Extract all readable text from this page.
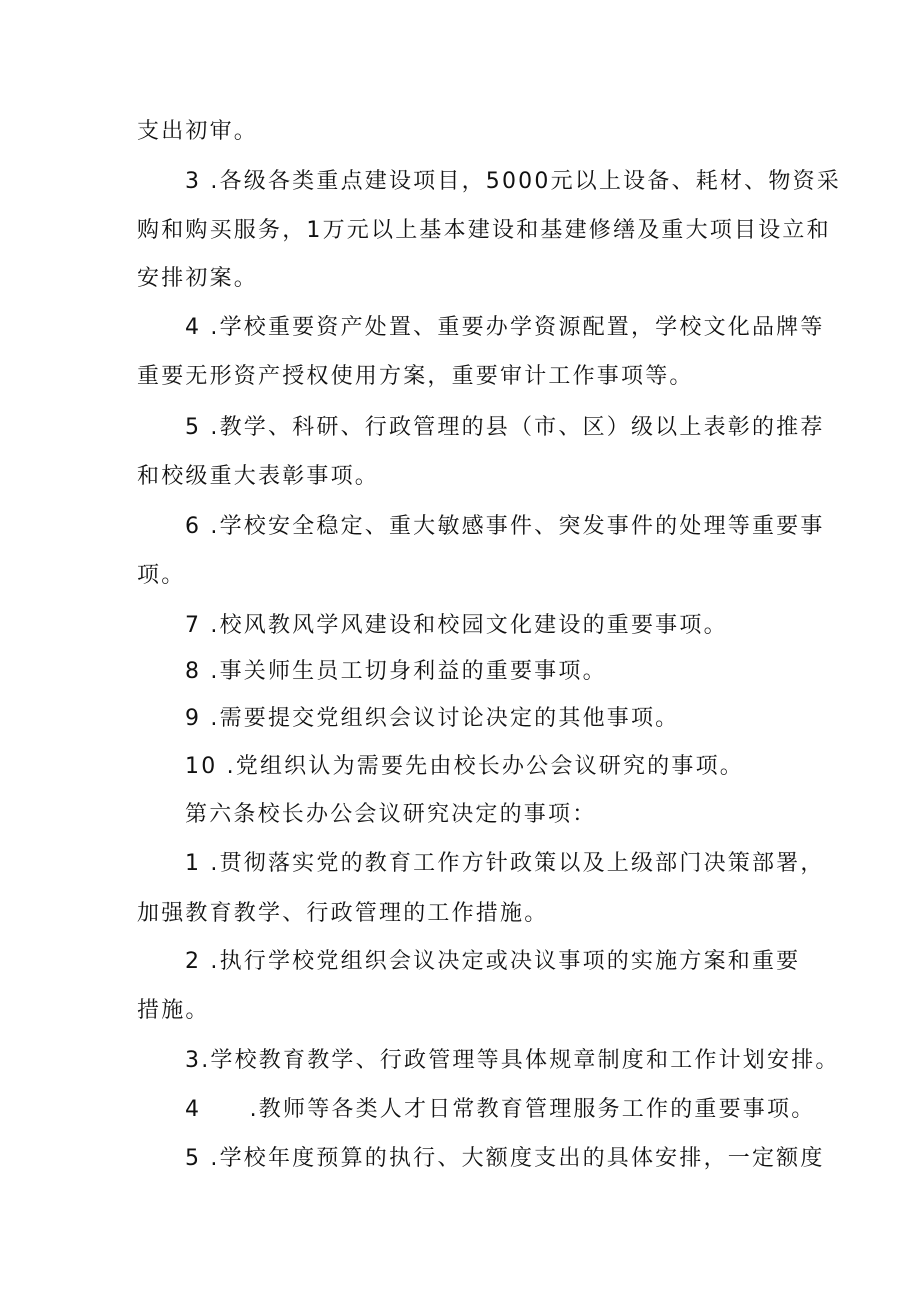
支出初审。
3 .各级各类重点建设项目，5000元以上设备、耗材、物资采
购和购买服务，1万元以上基本建设和基建修缮及重大项目设立和
安排初案。
4 .学校重要资产处置、重要办学资源配置，学校文化品牌等
重要无形资产授权使用方案，重要审计工作事项等。
5 .教学、科研、行政管理的县（市、区）级以上表彰的推荐
和校级重大表彰事项。
6 .学校安全稳定、重大敏感事件、突发事件的处理等重要事
项。
7 .校风教风学风建设和校园文化建设的重要事项。
8 .事关师生员工切身利益的重要事项。
9 .需要提交党组织会议讨论决定的其他事项。
10 .党组织认为需要先由校长办公会议研究的事项。
第六条校长办公会议研究决定的事项：
1 .贯彻落实党的教育工作方针政策以及上级部门决策部署，
加强教育教学、行政管理的工作措施。
2 .执行学校党组织会议决定或决议事项的实施方案和重要
措施。
3.学校教育教学、行政管理等具体规章制度和工作计划安排。
4　　.教师等各类人才日常教育管理服务工作的重要事项。
5 .学校年度预算的执行、大额度支出的具体安排，一定额度
